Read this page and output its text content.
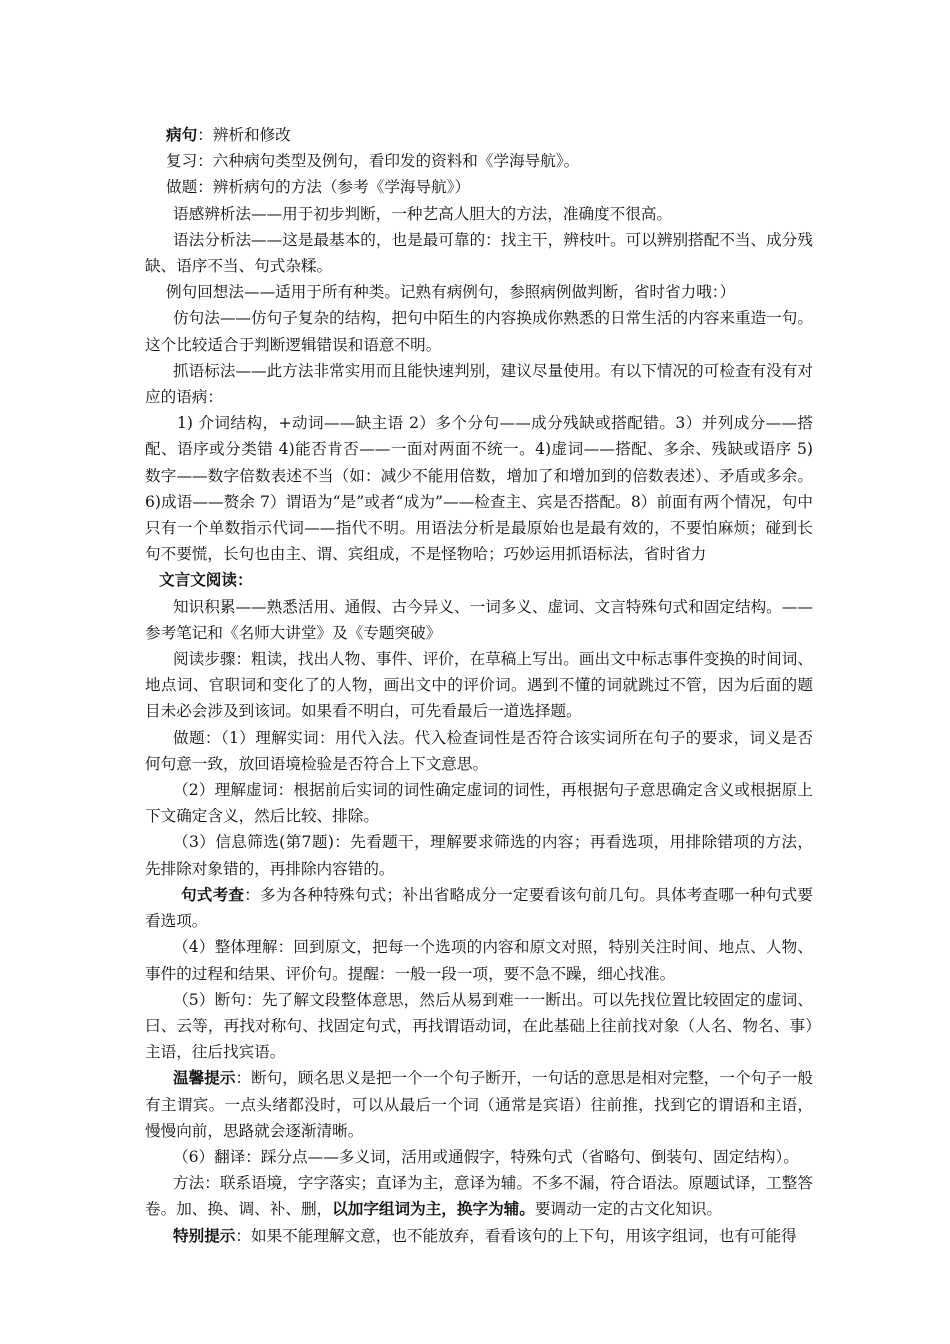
病句：辨析和修改

复习：六种病句类型及例句，看印发的资料和《学海导航》。

做题：辨析病句的方法（参考《学海导航》）

语感辨析法——用于初步判断，一种艺高人胆大的方法，准确度不很高。

语法分析法——这是最基本的，也是最可靠的：找主干，辨枝叶。可以辨别搭配不当、成分残缺、语序不当、句式杂糅。

例句回想法——适用于所有种类。记熟有病例句，参照病例做判断，省时省力哦：）

仿句法——仿句子复杂的结构，把句中陌生的内容换成你熟悉的日常生活的内容来重造一句。这个比较适合于判断逻辑错误和语意不明。

抓语标法——此方法非常实用而且能快速判别，建议尽量使用。有以下情况的可检查有没有对应的语病：

1) 介词结构，+动词——缺主语 2）多个分句——成分残缺或搭配错。3）并列成分——搭配、语序或分类错 4)能否肯否——一面对两面不统一。4)虚词——搭配、多余、残缺或语序 5) 数字——数字倍数表述不当（如：减少不能用倍数，增加了和增加到的倍数表述）、矛盾或多余。6)成语——赘余 7）谓语为“是”或者“成为”——检查主、宾是否搭配。8）前面有两个情况，句中只有一个单数指示代词——指代不明。用语法分析是最原始也是最有效的，不要怕麻烦；碰到长句不要慌，长句也由主、谓、宾组成，不是怪物哈；巧妙运用抓语标法，省时省力

文言文阅读：

知识积累——熟悉活用、通假、古今异义、一词多义、虚词、文言特殊句式和固定结构。——参考笔记和《名师大讲堂》及《专题突破》

阅读步骤：粗读，找出人物、事件、评价，在草稿上写出。画出文中标志事件变换的时间词、地点词、官职词和变化了的人物，画出文中的评价词。遇到不懂的词就跳过不管，因为后面的题目未必会涉及到该词。如果看不明白，可先看最后一道选择题。

做题：（1）理解实词：用代入法。代入检查词性是否符合该实词所在句子的要求，词义是否何句意一致，放回语境检验是否符合上下文意思。

（2）理解虚词：根据前后实词的词性确定虚词的词性，再根据句子意思确定含义或根据原上下文确定含义，然后比较、排除。

（3）信息筛选(第7题)：先看题干，理解要求筛选的内容；再看选项，用排除错项的方法，先排除对象错的，再排除内容错的。

句式考查：多为各种特殊句式；补出省略成分一定要看该句前几句。具体考查哪一种句式要看选项。

（4）整体理解：回到原文，把每一个选项的内容和原文对照，特别关注时间、地点、人物、事件的过程和结果、评价句。提醒：一般一段一项，要不急不躁，细心找准。

（5）断句：先了解文段整体意思，然后从易到难一一断出。可以先找位置比较固定的虚词、曰、云等，再找对称句、找固定句式，再找谓语动词，在此基础上往前找对象（人名、物名、事）主语，往后找宾语。

温馨提示：断句，顾名思义是把一个一个句子断开，一句话的意思是相对完整，一个句子一般有主谓宾。一点头绪都没时，可以从最后一个词（通常是宾语）往前推，找到它的谓语和主语，慢慢向前，思路就会逐渐清晰。

（6）翻译：踩分点——多义词，活用或通假字，特殊句式（省略句、倒装句、固定结构）。

方法：联系语境，字字落实；直译为主，意译为辅。不多不漏，符合语法。原题试译，工整答卷。加、换、调、补、删，以加字组词为主，换字为辅。要调动一定的古文化知识。

特别提示：如果不能理解文意，也不能放弃，看看该句的上下句，用该字组词，也有可能得
